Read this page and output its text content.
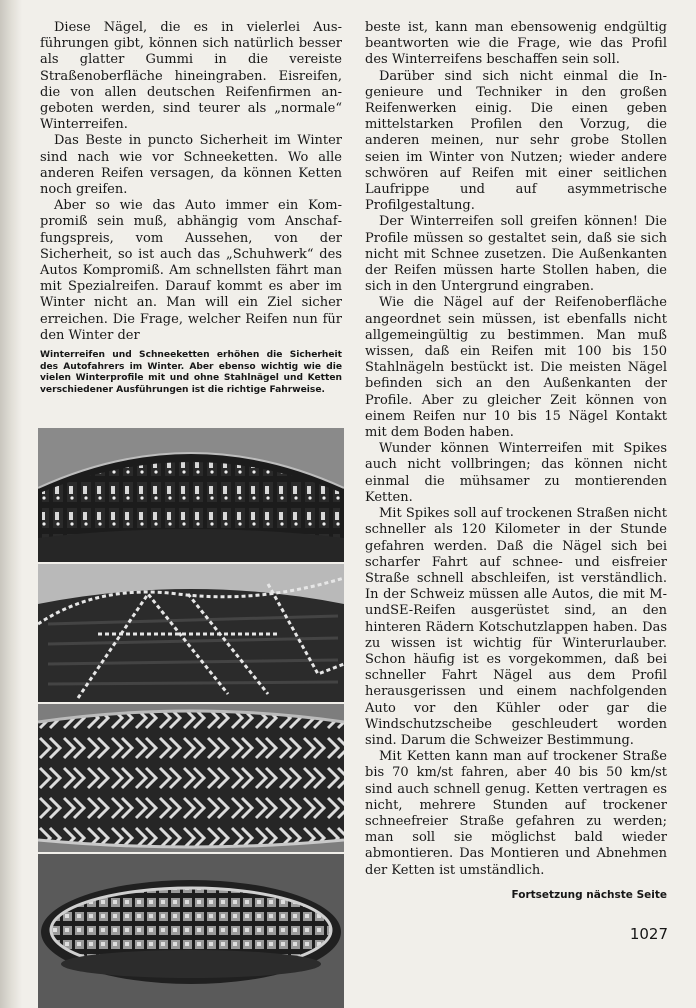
Diese Nägel, die es in vielerlei Ausführungen gibt, können sich natürlich besser als glatter Gummi in die vereiste Straßenoberfläche hineingraben. Eisreifen, die von allen deutschen Reifenfirmen angeboten werden, sind teurer als „normale“ Winterreifen.

Das Beste in puncto Sicherheit im Winter sind nach wie vor Schneeketten. Wo alle anderen Reifen versagen, da können Ketten noch greifen.

Aber so wie das Auto immer ein Kompromiß sein muß, abhängig vom Anschaffungspreis, vom Aussehen, von der Sicherheit, so ist auch das „Schuhwerk“ des Autos Kompromiß. Am schnellsten fährt man mit Spezialreifen. Darauf kommt es aber im Winter nicht an. Man will ein Ziel sicher erreichen. Die Frage, welcher Reifen nun für den Winter der

Winterreifen und Schneeketten erhöhen die Sicherheit des Autofahrers im Winter. Aber ebenso wichtig wie die vielen Winterprofile mit und ohne Stahlnägel und Ketten verschiedener Ausführungen ist die richtige Fahrweise.

beste ist, kann man ebensowenig endgültig beantworten wie die Frage, wie das Profil des Winterreifens beschaffen sein soll.

Darüber sind sich nicht einmal die Ingenieure und Techniker in den großen Reifenwerken einig. Die einen geben mittelstarken Profilen den Vorzug, die anderen meinen, nur sehr grobe Stollen seien im Winter von Nutzen; wieder andere schwören auf Reifen mit einer seitlichen Laufrippe und auf asymmetrische Profilgestaltung.

Der Winterreifen soll greifen können! Die Profile müssen so gestaltet sein, daß sie sich nicht mit Schnee zusetzen. Die Außenkanten der Reifen müssen harte Stollen haben, die sich in den Untergrund eingraben.

Wie die Nägel auf der Reifenoberfläche angeordnet sein müssen, ist ebenfalls nicht allgemeingültig zu bestimmen. Man muß wissen, daß ein Reifen mit 100 bis 150 Stahlnägeln bestückt ist. Die meisten Nägel befinden sich an den Außenkanten der Profile. Aber zu gleicher Zeit können von einem Reifen nur 10 bis 15 Nägel Kontakt mit dem Boden haben.

Wunder können Winterreifen mit Spikes auch nicht vollbringen; das können nicht einmal die mühsamer zu montierenden Ketten.

Mit Spikes soll auf trockenen Straßen nicht schneller als 120 Kilometer in der Stunde gefahren werden. Daß die Nägel sich bei scharfer Fahrt auf schnee- und eisfreier Straße schnell abschleifen, ist verständlich. In der Schweiz müssen alle Autos, die mit M-undSE-Reifen ausgerüstet sind, an den hinteren Rädern Kotschutzlappen haben. Das zu wissen ist wichtig für Winterurlauber. Schon häufig ist es vorgekommen, daß bei schneller Fahrt Nägel aus dem Profil herausgerissen und einem nachfolgenden Auto vor den Kühler oder gar die Windschutzscheibe geschleudert worden sind. Darum die Schweizer Bestimmung.

Mit Ketten kann man auf trockener Straße bis 70 km/st fahren, aber 40 bis 50 km/st sind auch schnell genug. Ketten vertragen es nicht, mehrere Stunden auf trockener schneefreier Straße gefahren zu werden; man soll sie möglichst bald wieder abmontieren. Das Montieren und Abnehmen der Ketten ist umständlich.

Fortsetzung nächste Seite
1027
